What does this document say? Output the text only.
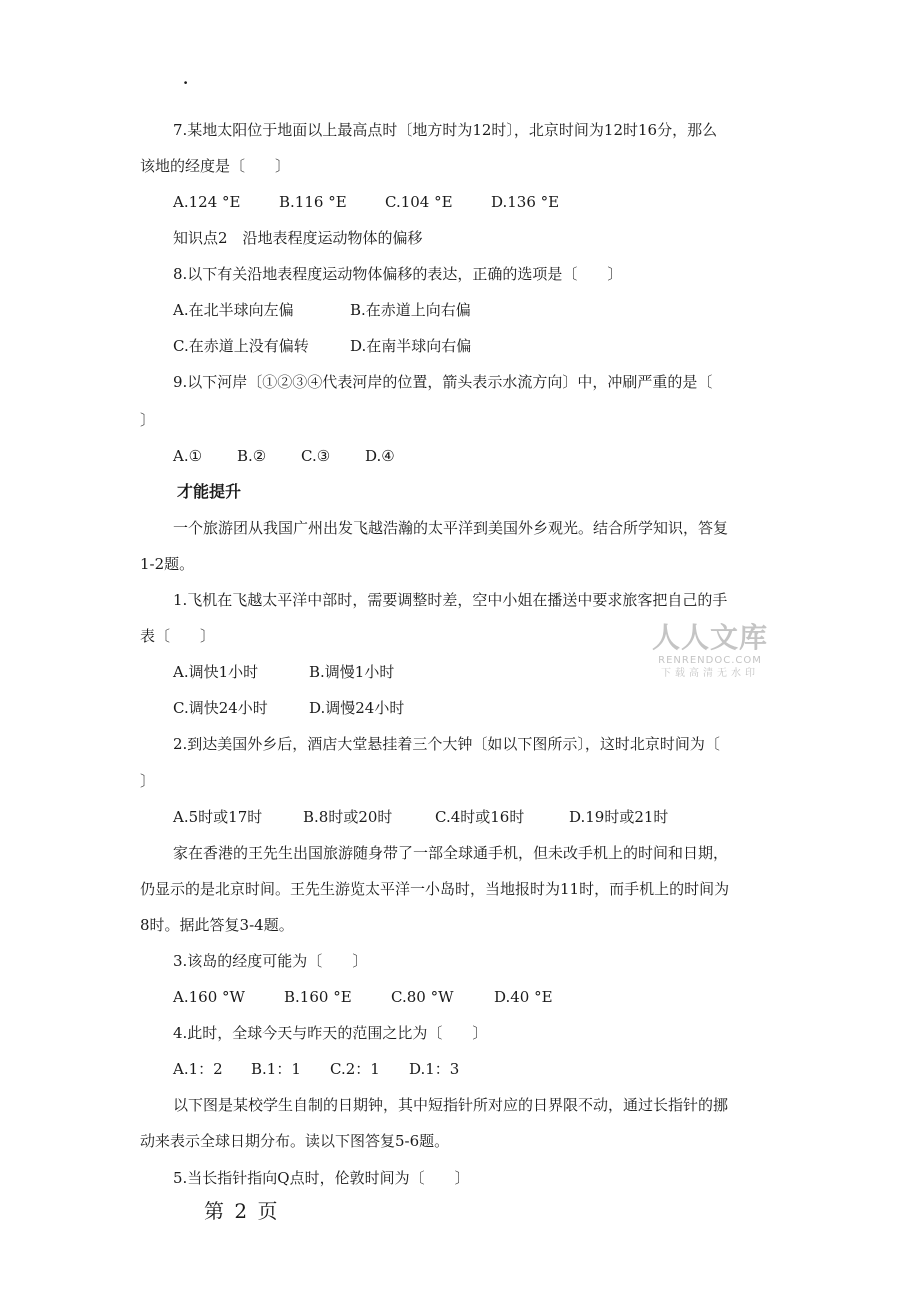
·
7.某地太阳位于地面以上最高点时〔地方时为12时〕，北京时间为12时16分，那么
该地的经度是〔　　〕
A.124 °E	B.116 °E	C.104 °E	D.136 °E
知识点2　沿地表程度运动物体的偏移
8.以下有关沿地表程度运动物体偏移的表达，正确的选项是〔　　〕
A.在北半球向左偏	B.在赤道上向右偏
C.在赤道上没有偏转	D.在南半球向右偏
9.以下河岸〔①②③④代表河岸的位置，箭头表示水流方向〕中，冲刷严重的是〔
〕
A.① B.② C.③ D.④
才能提升
一个旅游团从我国广州出发飞越浩瀚的太平洋到美国外乡观光。结合所学知识，答复
1-2题。
1.飞机在飞越太平洋中部时，需要调整时差，空中小姐在播送中要求旅客把自己的手
表〔　　〕
A.调快1小时	B.调慢1小时
C.调快24小时	D.调慢24小时
2.到达美国外乡后，酒店大堂悬挂着三个大钟〔如以下图所示〕，这时北京时间为〔
〕
A.5时或17时	B.8时或20时	C.4时或16时	D.19时或21时
家在香港的王先生出国旅游随身带了一部全球通手机，但未改手机上的时间和日期，
仍显示的是北京时间。王先生游览太平洋一小岛时，当地报时为11时，而手机上的时间为
8时。据此答复3-4题。
3.该岛的经度可能为〔　　〕
A.160 °W	B.160 °E	C.80 °W	D.40 °E
4.此时，全球今天与昨天的范围之比为〔　　〕
A.1：2 B.1：1 C.2：1 D.1：3
以下图是某校学生自制的日期钟，其中短指针所对应的日界限不动，通过长指针的挪
动来表示全球日期分布。读以下图答复5-6题。
5.当长指针指向Q点时，伦敦时间为〔　　〕
第 2 页
人人文库
RENRENDOC.COM
下载高清无水印
